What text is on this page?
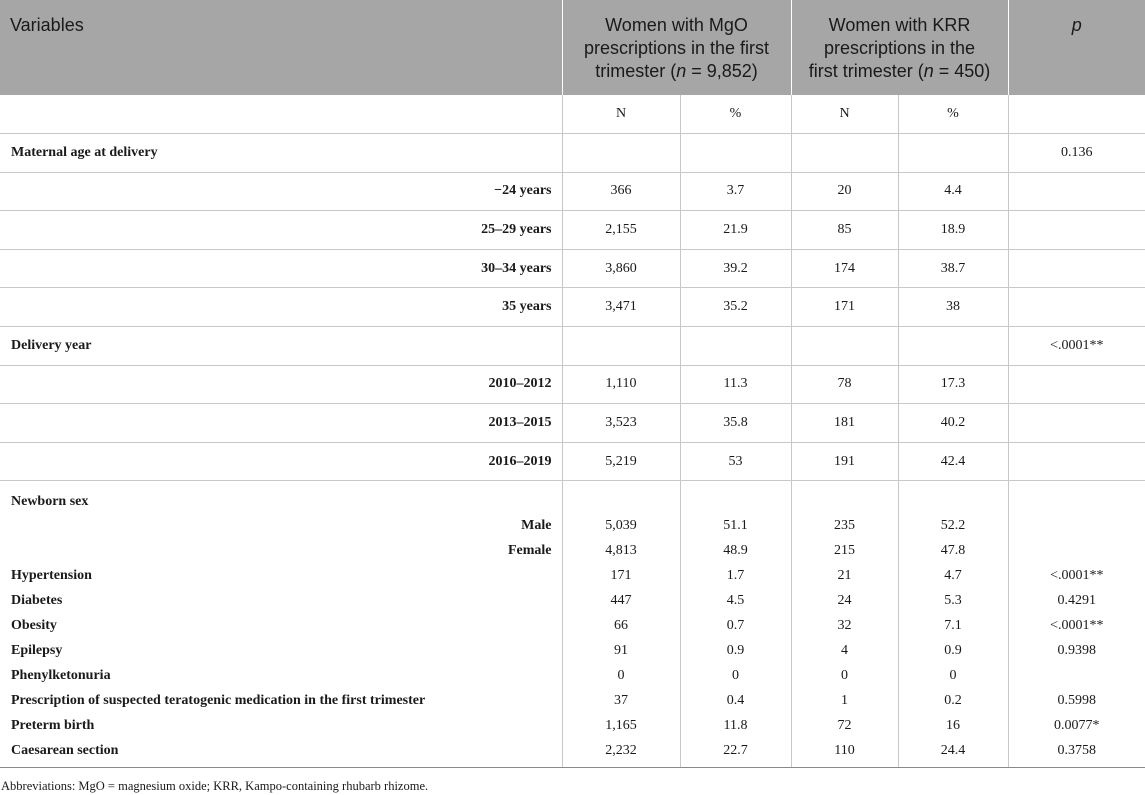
Variables	Women with MgO
prescriptions in the first
trimester (n = 9,852)		Women with KRR
prescriptions in the
first trimester (n = 450)		p
	N	%	N	%	
Maternal age at delivery					0.136
−24 years	366	3.7	20	4.4	
25–29 years	2,155	21.9	85	18.9	
30–34 years	3,860	39.2	174	38.7	
35 years	3,471	35.2	171	38	
Delivery year					<.0001**
2010–2012	1,110	11.3	78	17.3	
2013–2015	3,523	35.8	181	40.2	
2016–2019	5,219	53	191	42.4	
Newborn sex					
Male	5,039	51.1	235	52.2	
Female	4,813	48.9	215	47.8	
Hypertension	171	1.7	21	4.7	<.0001**
Diabetes	447	4.5	24	5.3	0.4291
Obesity	66	0.7	32	7.1	<.0001**
Epilepsy	91	0.9	4	0.9	0.9398
Phenylketonuria	0	0	0	0	
Prescription of suspected teratogenic medication in the first trimester	37	0.4	1	0.2	0.5998
Preterm birth	1,165	11.8	72	16	0.0077*
Caesarean section	2,232	22.7	110	24.4	0.3758
Abbreviations: MgO = magnesium oxide; KRR, Kampo-containing rhubarb rhizome.
